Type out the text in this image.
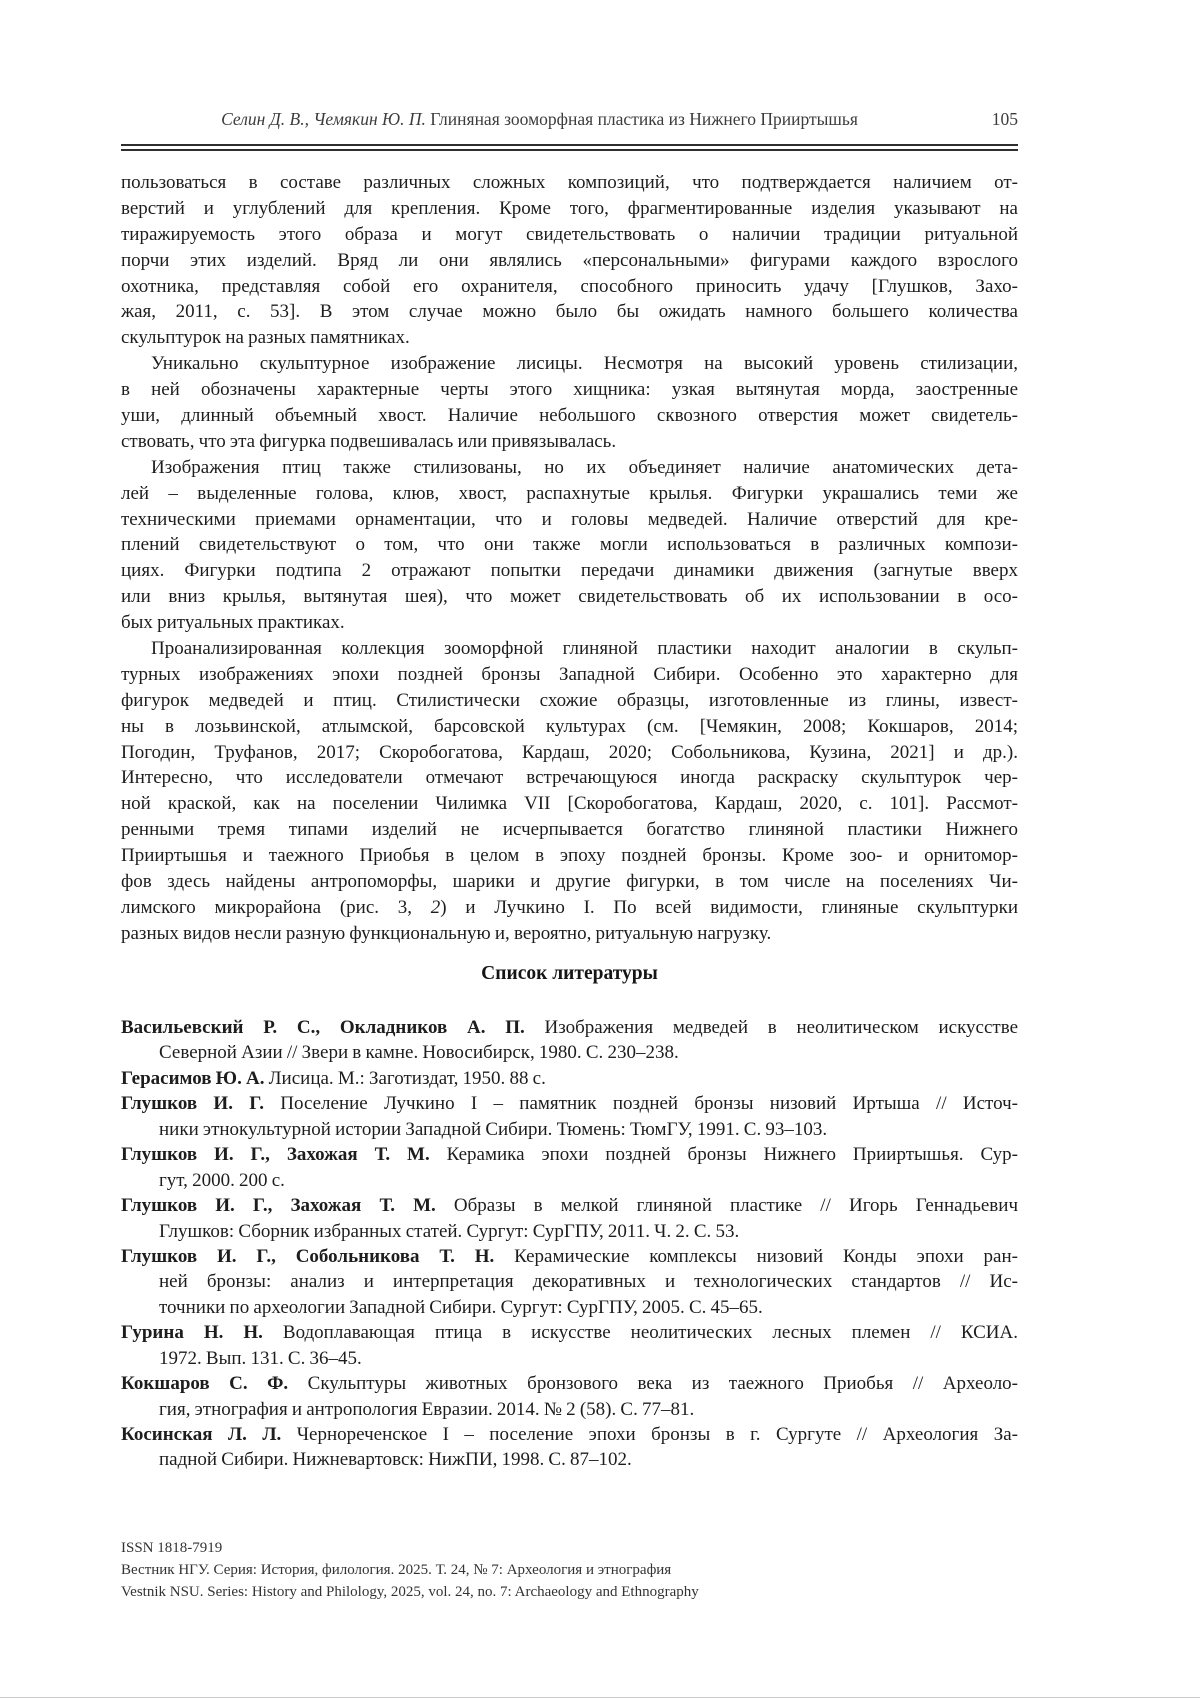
Селин Д. В., Чемякин Ю. П. Глиняная зооморфная пластика из Нижнего Прииртышья	105
пользоваться в составе различных сложных композиций, что подтверждается наличием от-
верстий и углублений для крепления. Кроме того, фрагментированные изделия указывают на
тиражируемость этого образа и могут свидетельствовать о наличии традиции ритуальной
порчи этих изделий. Вряд ли они являлись «персональными» фигурами каждого взрослого
охотника, представляя собой его охранителя, способного приносить удачу [Глушков, Захо-
жая, 2011, с. 53]. В этом случае можно было бы ожидать намного большего количества
скульптурок на разных памятниках.
Уникально скульптурное изображение лисицы. Несмотря на высокий уровень стилизации,
в ней обозначены характерные черты этого хищника: узкая вытянутая морда, заостренные
уши, длинный объемный хвост. Наличие небольшого сквозного отверстия может свидетель-
ствовать, что эта фигурка подвешивалась или привязывалась.
Изображения птиц также стилизованы, но их объединяет наличие анатомических дета-
лей – выделенные голова, клюв, хвост, распахнутые крылья. Фигурки украшались теми же
техническими приемами орнаментации, что и головы медведей. Наличие отверстий для кре-
плений свидетельствуют о том, что они также могли использоваться в различных компози-
циях. Фигурки подтипа 2 отражают попытки передачи динамики движения (загнутые вверх
или вниз крылья, вытянутая шея), что может свидетельствовать об их использовании в осо-
бых ритуальных практиках.
Проанализированная коллекция зооморфной глиняной пластики находит аналогии в скульп-
турных изображениях эпохи поздней бронзы Западной Сибири. Особенно это характерно для
фигурок медведей и птиц. Стилистически схожие образцы, изготовленные из глины, извест-
ны в лозьвинской, атлымской, барсовской культурах (см. [Чемякин, 2008; Кокшаров, 2014;
Погодин, Труфанов, 2017; Скоробогатова, Кардаш, 2020; Собольникова, Кузина, 2021] и др.).
Интересно, что исследователи отмечают встречающуюся иногда раскраску скульптурок чер-
ной краской, как на поселении Чилимка VII [Скоробогатова, Кардаш, 2020, с. 101]. Рассмот-
ренными тремя типами изделий не исчерпывается богатство глиняной пластики Нижнего
Прииртышья и таежного Приобья в целом в эпоху поздней бронзы. Кроме зоо- и орнитомор-
фов здесь найдены антропоморфы, шарики и другие фигурки, в том числе на поселениях Чи-
лимского микрорайона (рис. 3, 2) и Лучкино I. По всей видимости, глиняные скульптурки
разных видов несли разную функциональную и, вероятно, ритуальную нагрузку.
Список литературы
Васильевский Р. С., Окладников А. П. Изображения медведей в неолитическом искусстве
Северной Азии // Звери в камне. Новосибирск, 1980. С. 230–238.
Герасимов Ю. А. Лисица. М.: Заготиздат, 1950. 88 с.
Глушков И. Г. Поселение Лучкино I – памятник поздней бронзы низовий Иртыша // Источ-
ники этнокультурной истории Западной Сибири. Тюмень: ТюмГУ, 1991. С. 93–103.
Глушков И. Г., Захожая Т. М. Керамика эпохи поздней бронзы Нижнего Прииртышья. Сур-
гут, 2000. 200 с.
Глушков И. Г., Захожая Т. М. Образы в мелкой глиняной пластике // Игорь Геннадьевич
Глушков: Сборник избранных статей. Сургут: СурГПУ, 2011. Ч. 2. С. 53.
Глушков И. Г., Собольникова Т. Н. Керамические комплексы низовий Конды эпохи ран-
ней бронзы: анализ и интерпретация декоративных и технологических стандартов // Ис-
точники по археологии Западной Сибири. Сургут: СурГПУ, 2005. С. 45–65.
Гурина Н. Н. Водоплавающая птица в искусстве неолитических лесных племен // КСИА.
1972. Вып. 131. С. 36–45.
Кокшаров С. Ф. Скульптуры животных бронзового века из таежного Приобья // Археоло-
гия, этнография и антропология Евразии. 2014. № 2 (58). С. 77–81.
Косинская Л. Л. Чернореченское I – поселение эпохи бронзы в г. Сургуте // Археология За-
падной Сибири. Нижневартовск: НижПИ, 1998. С. 87–102.
ISSN 1818-7919
Вестник НГУ. Серия: История, филология. 2025. Т. 24, № 7: Археология и этнография
Vestnik NSU. Series: History and Philology, 2025, vol. 24, no. 7: Archaeology and Ethnography
